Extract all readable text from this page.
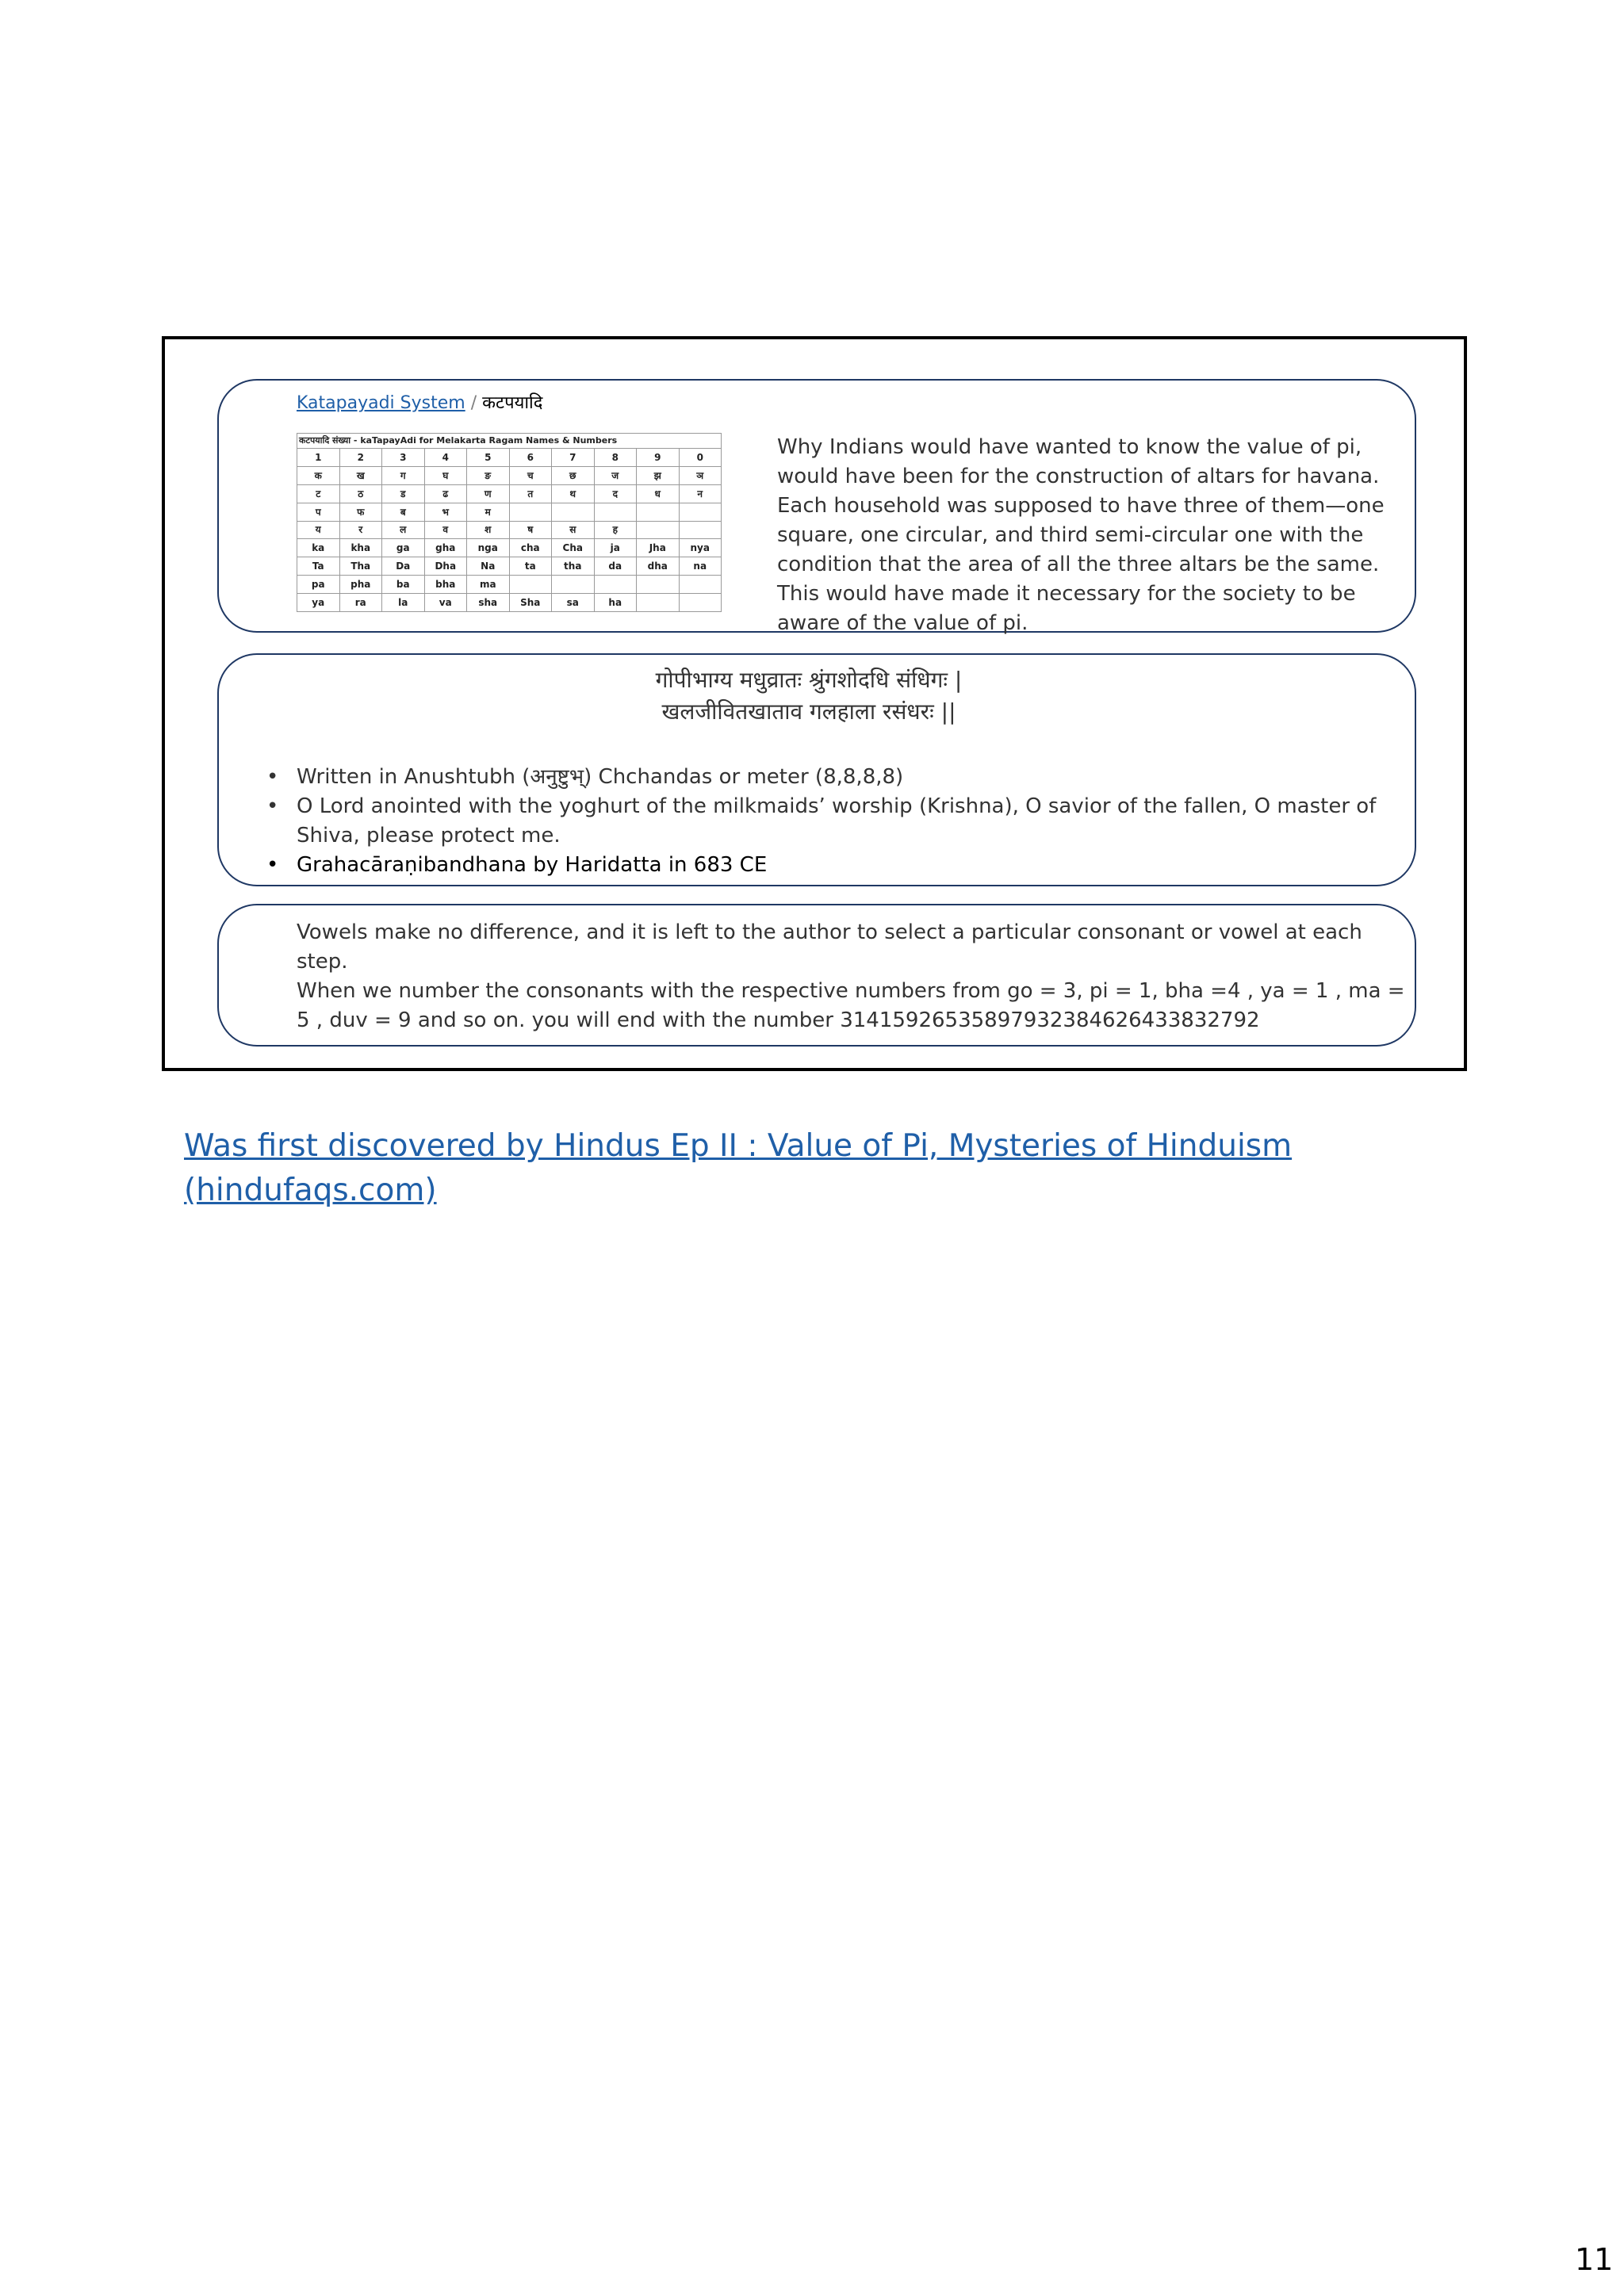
Katapayadi System / कटपयादि
कटपयादि संख्या - kaTapayAdi for Melakarta Ragam Names & Numbers									
1	2	3	4	5	6	7	8	9	0
क	ख	ग	घ	ङ	च	छ	ज	झ	ञ
ट	ठ	ड	ढ	ण	त	थ	द	ध	न
प	फ	ब	भ	म					
य	र	ल	व	श	ष	स	ह		
ka	kha	ga	gha	nga	cha	Cha	ja	Jha	nya
Ta	Tha	Da	Dha	Na	ta	tha	da	dha	na
pa	pha	ba	bha	ma					
ya	ra	la	va	sha	Sha	sa	ha		
Why Indians would have wanted to know the value of pi, would have been for the construction of altars for havana. Each household was supposed to have three of them—one square, one circular, and third semi-circular one with the condition that the area of all the three altars be the same. This would have made it necessary for the society to be aware of the value of pi.
गोपीभाग्य मधुव्रातः श्रुंगशोदधि संधिगः |
खलजीवितखाताव गलहाला रसंधरः ||
• Written in Anushtubh (अनुष्टुभ्) Chchandas or meter (8,8,8,8)
• O Lord anointed with the yoghurt of the milkmaids’ worship (Krishna), O savior of the fallen, O master of Shiva, please protect me.
• Grahacāraṇibandhana by Haridatta in 683 CE
Vowels make no difference, and it is left to the author to select a particular consonant or vowel at each step.
When we number the consonants with the respective numbers from go = 3, pi = 1, bha =4 , ya = 1 , ma = 5 , duv = 9 and so on. you will end with the number 31415926535897932384626433832792
Was first discovered by Hindus Ep II : Value of Pi, Mysteries of Hinduism (hindufaqs.com)
11
